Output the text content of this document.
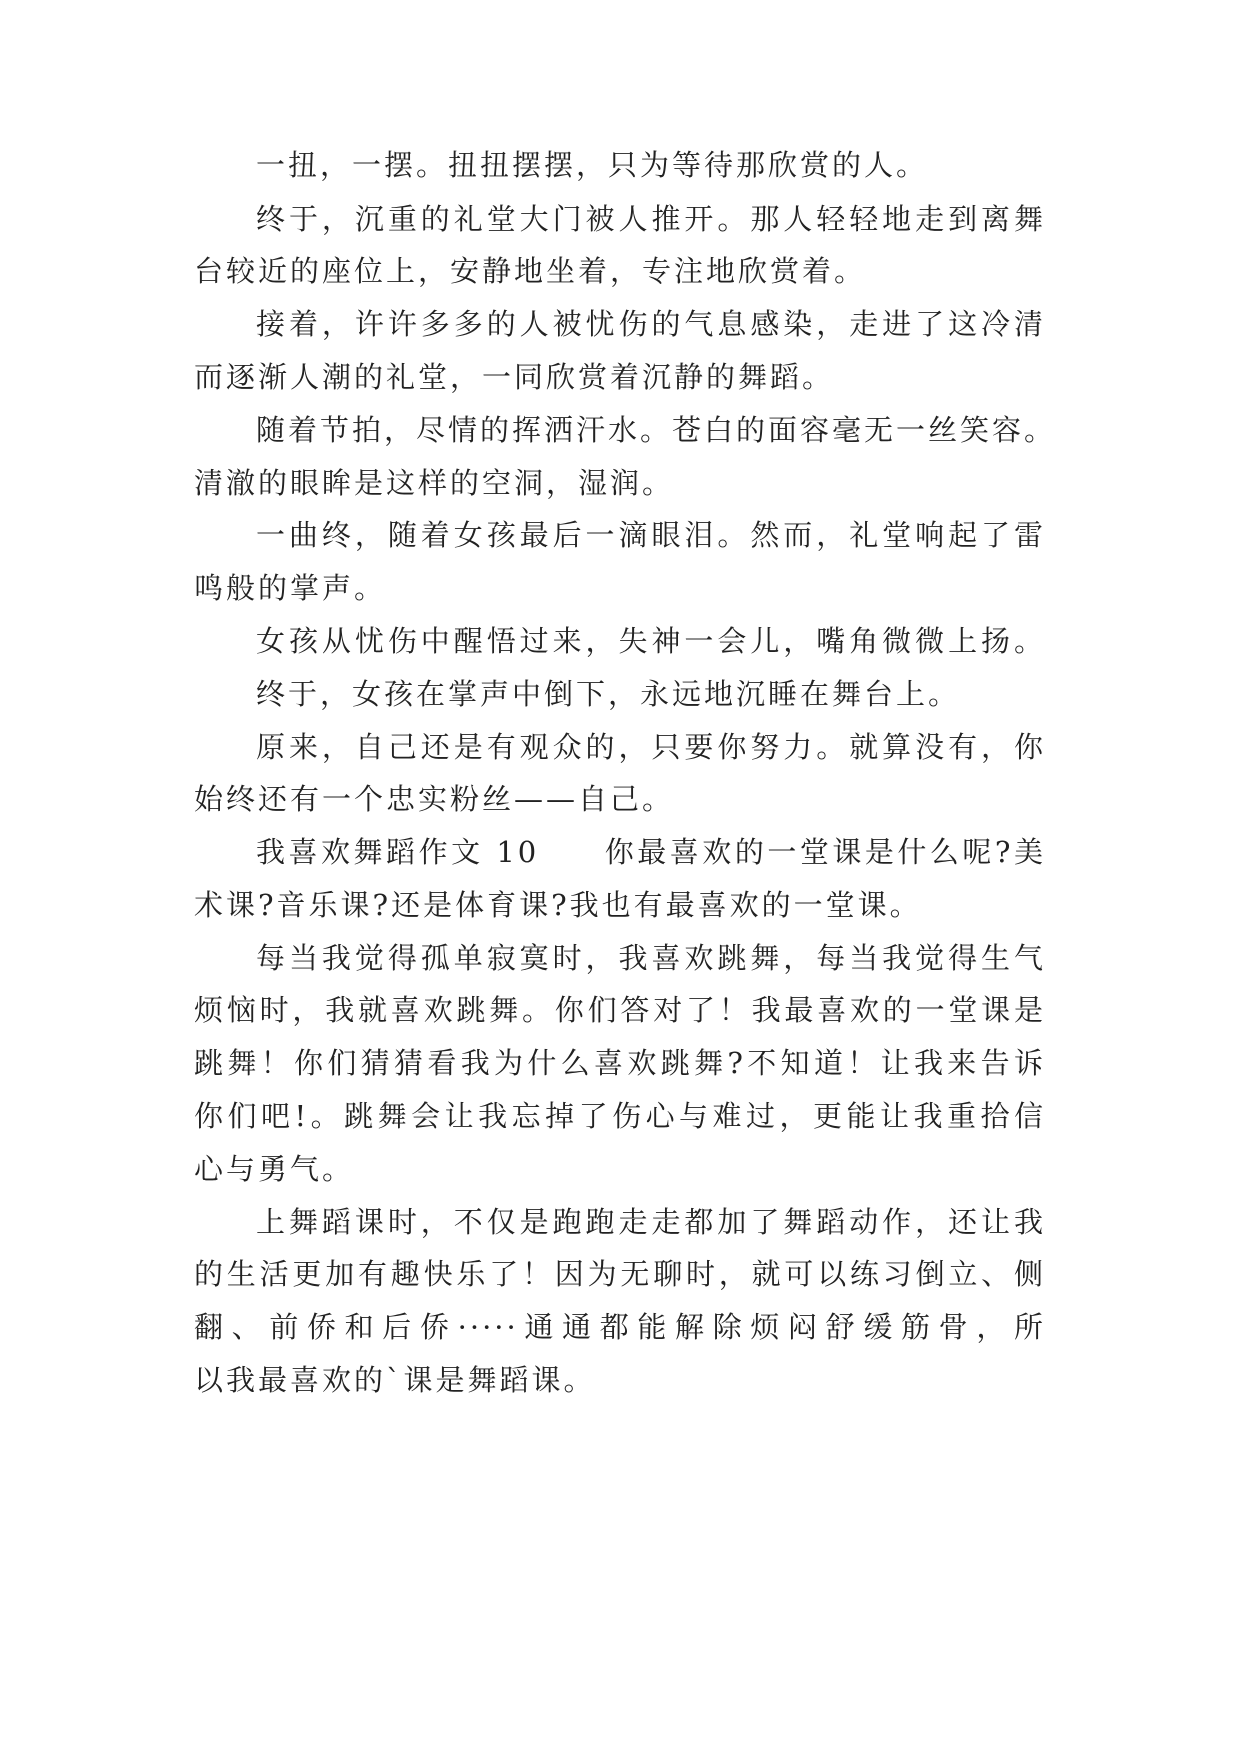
一扭，一摆。扭扭摆摆，只为等待那欣赏的人。
终于，沉重的礼堂大门被人推开。那人轻轻地走到离舞
台较近的座位上，安静地坐着，专注地欣赏着。
接着，许许多多的人被忧伤的气息感染，走进了这冷清
而逐渐人潮的礼堂，一同欣赏着沉静的舞蹈。
随着节拍，尽情的挥洒汗水。苍白的面容毫无一丝笑容。
清澈的眼眸是这样的空洞，湿润。
一曲终，随着女孩最后一滴眼泪。然而，礼堂响起了雷
鸣般的掌声。
女孩从忧伤中醒悟过来，失神一会儿，嘴角微微上扬。
终于，女孩在掌声中倒下，永远地沉睡在舞台上。
原来，自己还是有观众的，只要你努力。就算没有，你
始终还有一个忠实粉丝——自己。
我喜欢舞蹈作文 10　　你最喜欢的一堂课是什么呢?美
术课?音乐课?还是体育课?我也有最喜欢的一堂课。
每当我觉得孤单寂寞时，我喜欢跳舞，每当我觉得生气
烦恼时，我就喜欢跳舞。你们答对了！我最喜欢的一堂课是
跳舞！你们猜猜看我为什么喜欢跳舞?不知道！让我来告诉
你们吧!。跳舞会让我忘掉了伤心与难过，更能让我重拾信
心与勇气。
上舞蹈课时，不仅是跑跑走走都加了舞蹈动作，还让我
的生活更加有趣快乐了！因为无聊时，就可以练习倒立、侧
翻、前侨和后侨·····通通都能解除烦闷舒缓筋骨，所
以我最喜欢的`课是舞蹈课。
